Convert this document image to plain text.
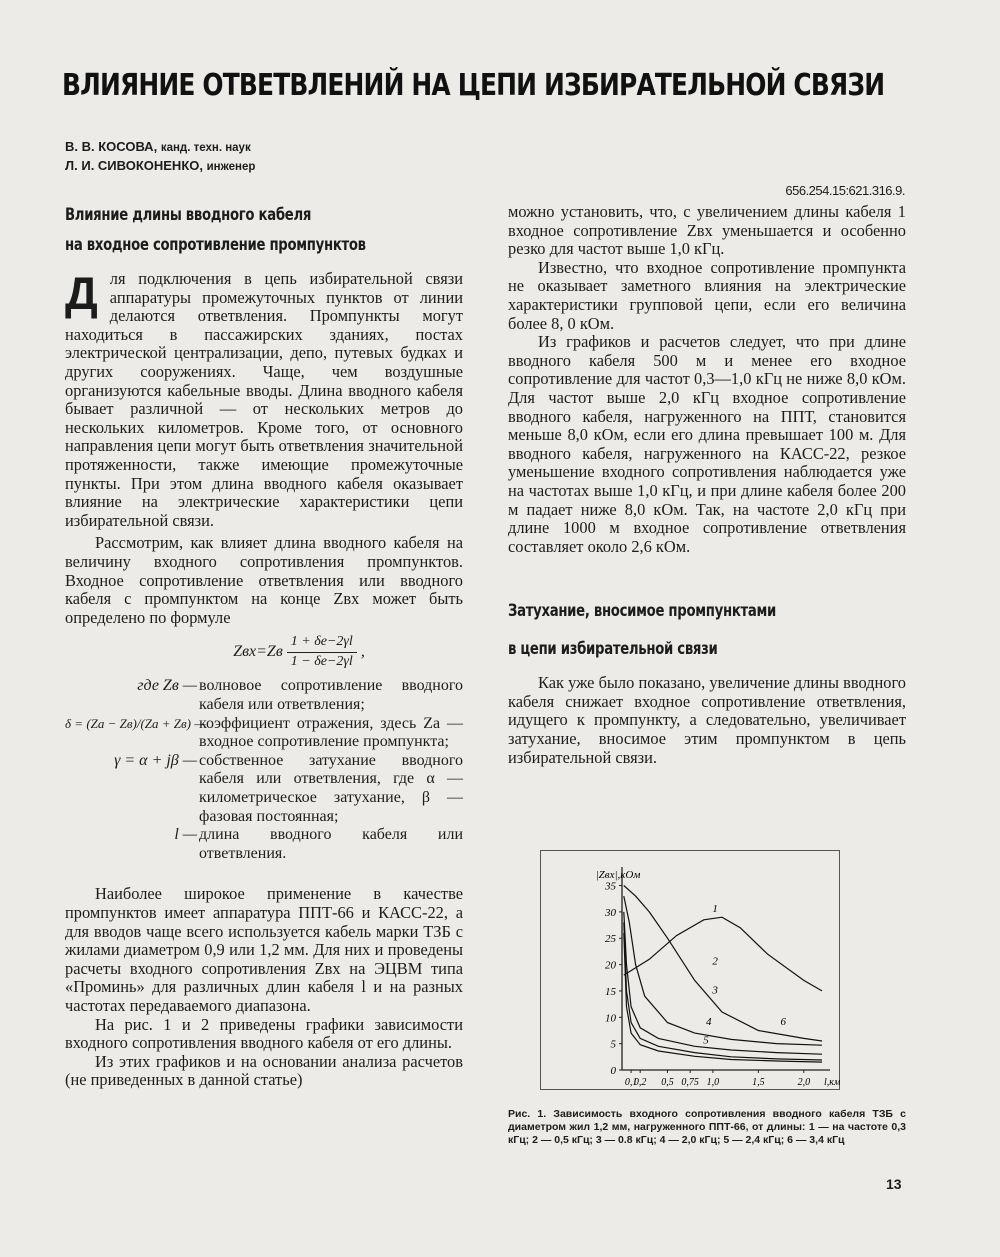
ВЛИЯНИЕ ОТВЕТВЛЕНИЙ НА ЦЕПИ ИЗБИРАТЕЛЬНОЙ СВЯЗИ
В. В. КОСОВА, канд. техн. наук
Л. И. СИВОКОНЕНКО, инженер
656.254.15:621.316.9.
Влияние длины вводного кабеля
на входное сопротивление промпунктов

Для подключения в цепь избирательной связи аппаратуры промежуточных пунктов от линии делаются ответвления. Промпункты могут находиться в пассажирских зданиях, постах электрической централизации, депо, путевых будках и других сооружениях. Чаще, чем воздушные организуются кабельные вводы. Длина вводного кабеля бывает различной — от нескольких метров до нескольких километров. Кроме того, от основного направления цепи могут быть ответвления значительной протяженности, также имеющие промежуточные пункты. При этом длина вводного кабеля оказывает влияние на электрические характеристики цепи избирательной связи.

Рассмотрим, как влияет длина вводного кабеля на величину входного сопротивления промпунктов. Входное сопротивление ответвления или вводного кабеля с промпунктом на конце Zвх может быть определено по формуле

$Zвх=Zв \frac{1 + \delta e-2\gamma l}{1 - \delta e-2\gamma l}$ ,
где Zв — волновое сопротивление вводного кабеля или ответвления;
δ = (Zа − Zв)/(Zа + Zв) —
коэффициент отражения, здесь Zа — входное сопротивление промпункта;
γ = α + jβ — собственное затухание вводного кабеля или ответвления, где α — километрическое затухание, β — фазовая постоянная;
l — длина вводного кабеля или ответвления.

Наиболее широкое применение в качестве промпунктов имеет аппаратура ППТ-66 и КАСС-22, а для вводов чаще всего используется кабель марки ТЗБ с жилами диаметром 0,9 или 1,2 мм. Для них и проведены расчеты входного сопротивления Zвх на ЭЦВМ типа «Проминь» для различных длин кабеля l и на разных частотах передаваемого диапазона.

На рис. 1 и 2 приведены графики зависимости входного сопротивления вводного кабеля от его длины.

Из этих графиков и на основании анализа расчетов (не приведенных в данной статье)

можно установить, что, с увеличением длины кабеля 1 входное сопротивление Zвх уменьшается и особенно резко для частот выше 1,0 кГц.

Известно, что входное сопротивление промпункта не оказывает заметного влияния на электрические характеристики групповой цепи, если его величина более 8, 0 кОм.

Из графиков и расчетов следует, что при длине вводного кабеля 500 м и менее его входное сопротивление для частот 0,3—1,0 кГц не ниже 8,0 кОм. Для частот выше 2,0 кГц входное сопротивление вводного кабеля, нагруженного на ППТ, становится меньше 8,0 кОм, если его длина превышает 100 м. Для вводного кабеля, нагруженного на КАСС-22, резкое уменьшение входного сопротивления наблюдается уже на частотах выше 1,0 кГц, и при длине кабеля более 200 м падает ниже 8,0 кОм. Так, на частоте 2,0 кГц при длине 1000 м входное сопротивление ответвления составляет около 2,6 кОм.

Затухание, вносимое промпунктами
в цепи избирательной связи

Как уже было показано, увеличение длины вводного кабеля снижает входное сопротивление ответвления, идущего к промпункту, а следовательно, увеличивает затухание, вносимое этим промпунктом в цепь избирательной связи.

0
5
10
15
20
25
30
35
0,1
0,2 0,5 0,75 1,0	1,5	2,0
|Zвх|,кОм
l,км
1
2
3
4
5
6
Рис. 1. Зависимость входного сопротивления вводного кабеля ТЗБ с диаметром жил 1,2 мм, нагруженного ППТ-66, от длины: 1 — на частоте 0,3 кГц; 2 — 0,5 кГц; 3 — 0.8 кГц; 4 — 2,0 кГц; 5 — 2,4 кГц; 6 — 3,4 кГц
13
